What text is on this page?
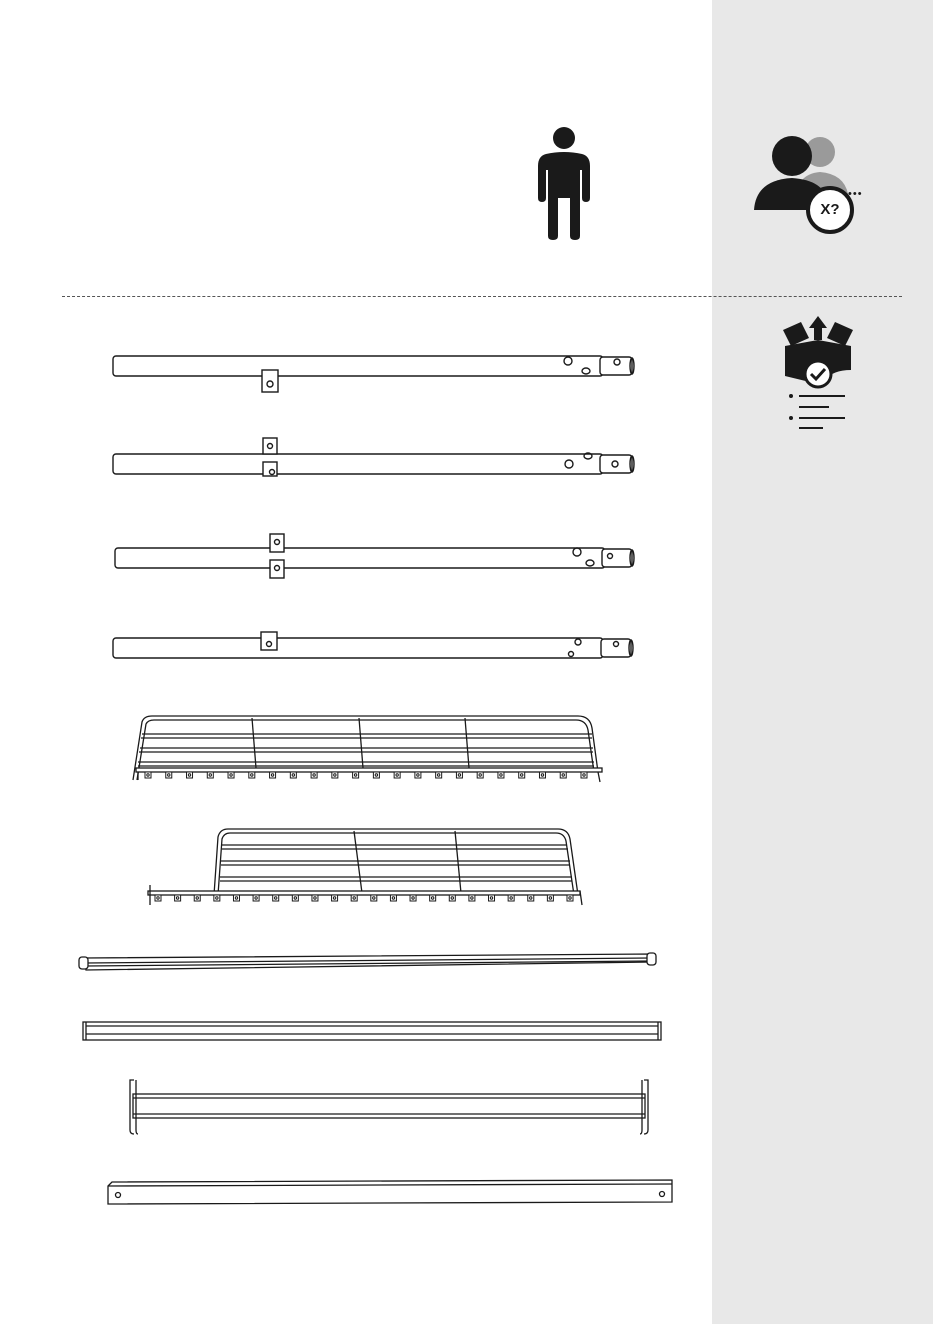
X?
•••
